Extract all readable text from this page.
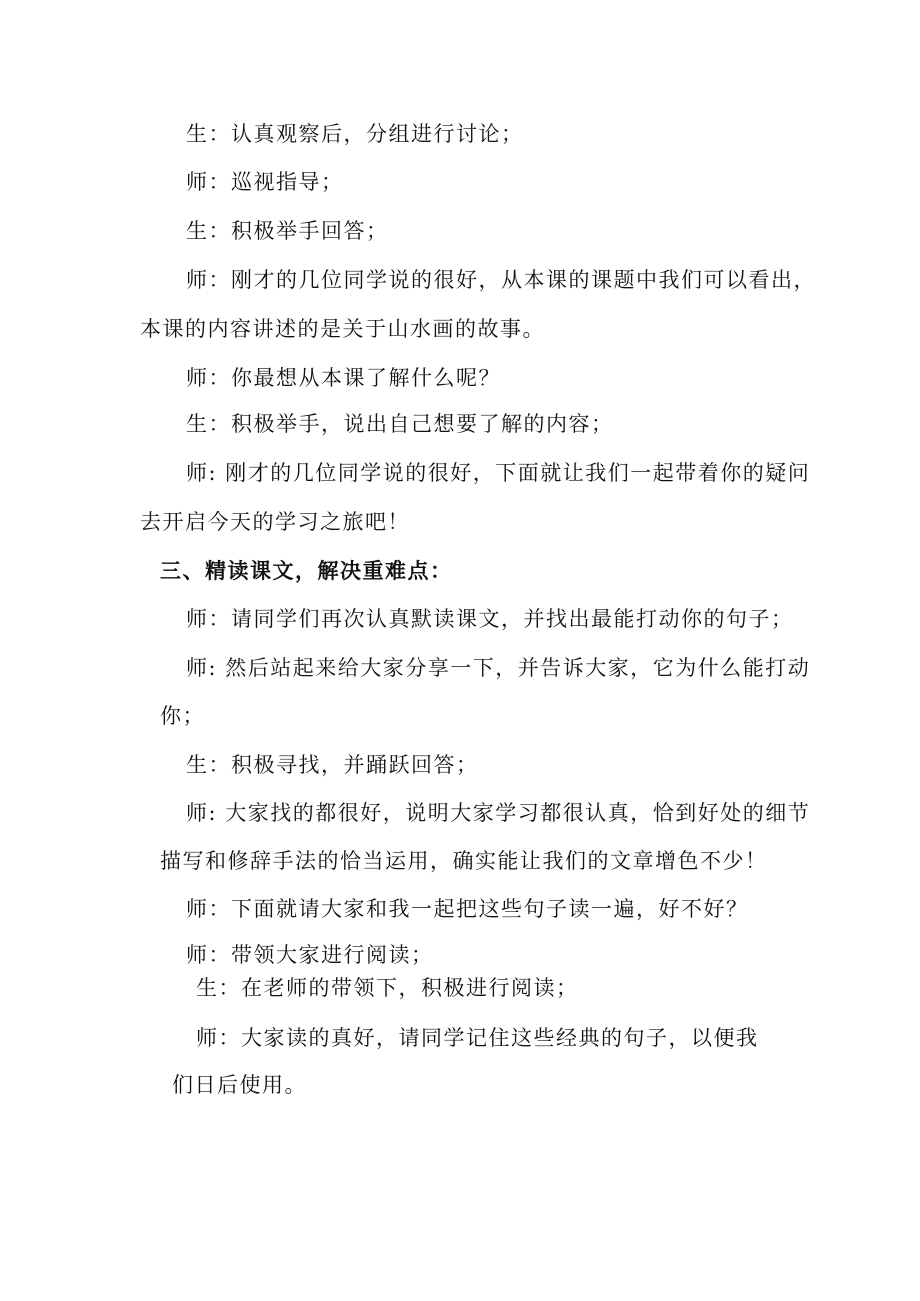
生：认真观察后，分组进行讨论；
师：巡视指导；
生：积极举手回答；
师：刚才的几位同学说的很好，从本课的课题中我们可以看出，
本课的内容讲述的是关于山水画的故事。
师：你最想从本课了解什么呢？
生：积极举手，说出自己想要了解的内容；
师: 刚才的几位同学说的很好，下面就让我们一起带着你的疑问
去开启今天的学习之旅吧！
三、精读课文，解决重难点：
师：请同学们再次认真默读课文，并找出最能打动你的句子；
师: 然后站起来给大家分享一下，并告诉大家，它为什么能打动
你；
生：积极寻找，并踊跃回答；
师: 大家找的都很好，说明大家学习都很认真，恰到好处的细节
描写和修辞手法的恰当运用，确实能让我们的文章增色不少！
师：下面就请大家和我一起把这些句子读一遍，好不好？
师：带领大家进行阅读；
生：在老师的带领下，积极进行阅读；
师：大家读的真好，请同学记住这些经典的句子，以便我
们日后使用。
